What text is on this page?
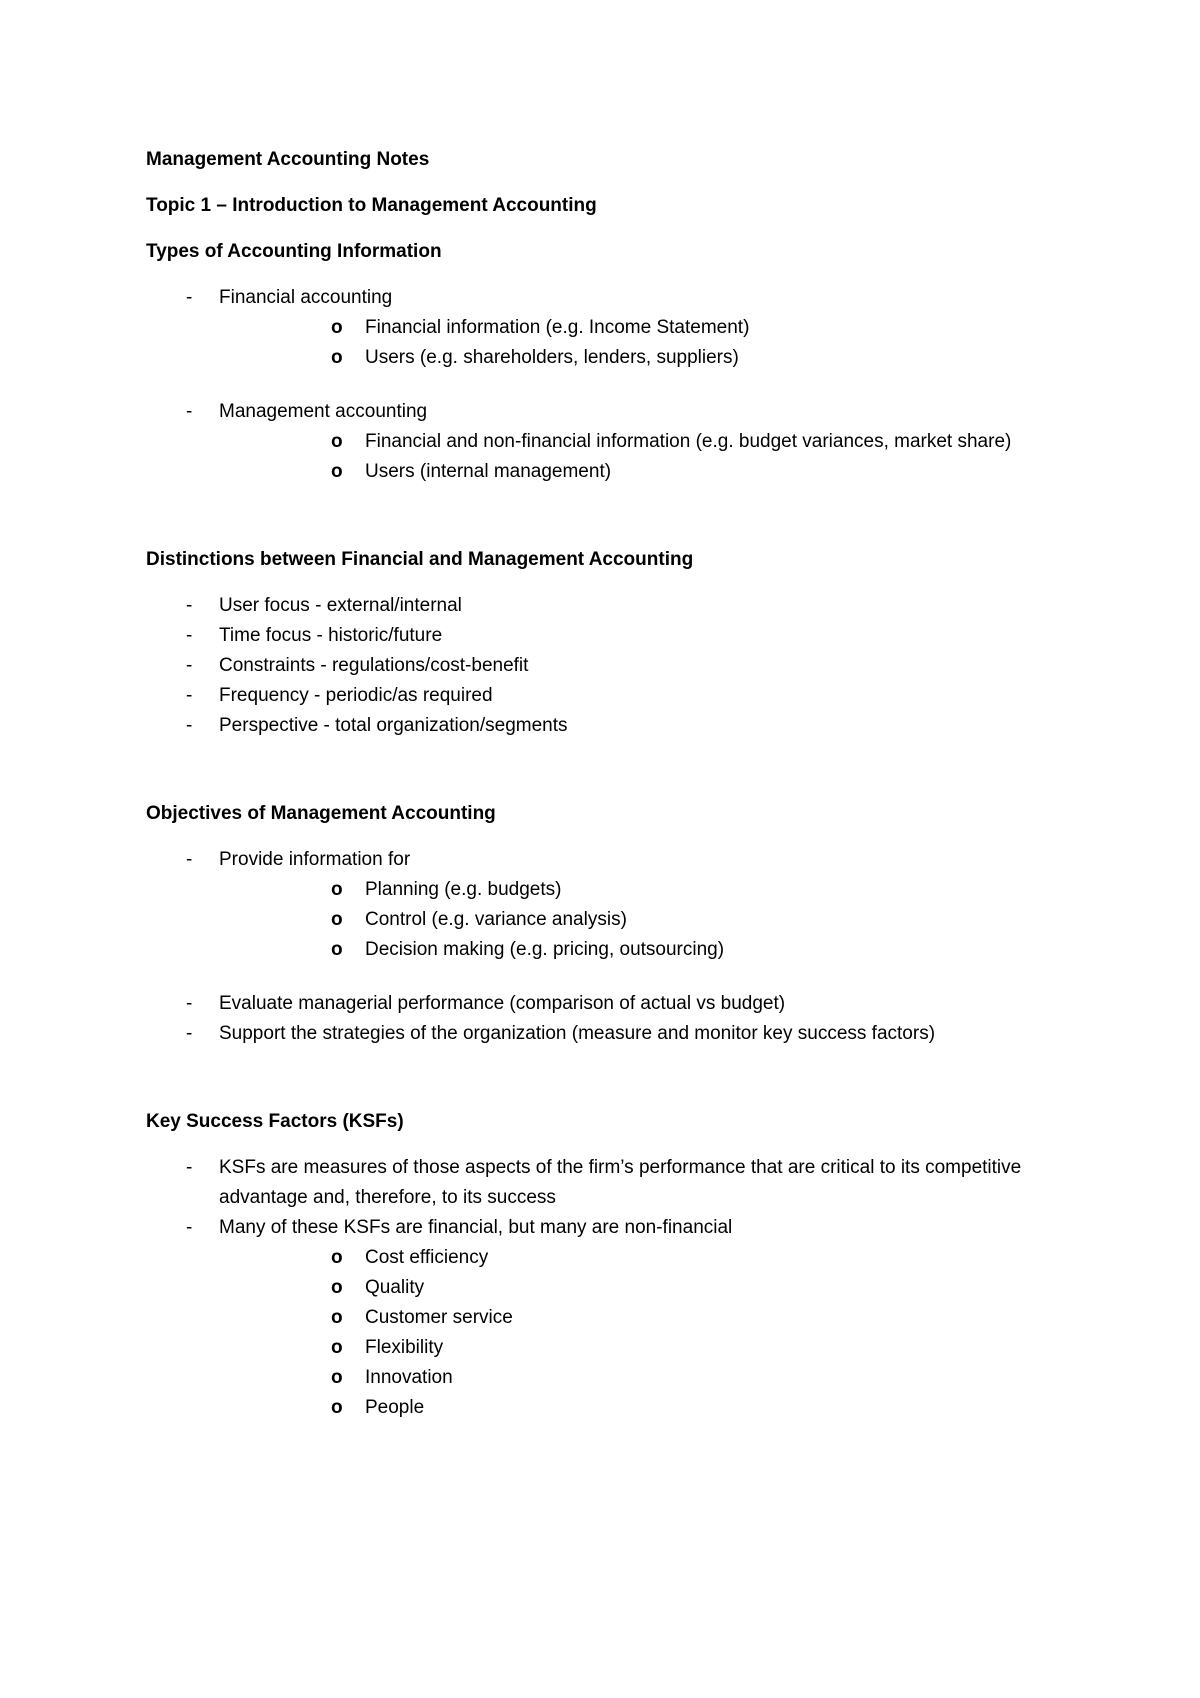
Management Accounting Notes

Topic 1 – Introduction to Management Accounting

Types of Accounting Information

- Financial accounting
o Financial information (e.g. Income Statement)
o Users (e.g. shareholders, lenders, suppliers)
- Management accounting
o Financial and non-financial information (e.g. budget variances, market share)
o Users (internal management)

Distinctions between Financial and Management Accounting

- User focus - external/internal
- Time focus - historic/future
- Constraints - regulations/cost-benefit
- Frequency - periodic/as required
- Perspective - total organization/segments

Objectives of Management Accounting

- Provide information for
o Planning (e.g. budgets)
o Control (e.g. variance analysis)
o Decision making (e.g. pricing, outsourcing)
- Evaluate managerial performance (comparison of actual vs budget)
- Support the strategies of the organization (measure and monitor key success factors)

Key Success Factors (KSFs)

- KSFs are measures of those aspects of the firm’s performance that are critical to its competitive advantage and, therefore, to its success
- Many of these KSFs are financial, but many are non-financial
o Cost efficiency
o Quality
o Customer service
o Flexibility
o Innovation
o People
